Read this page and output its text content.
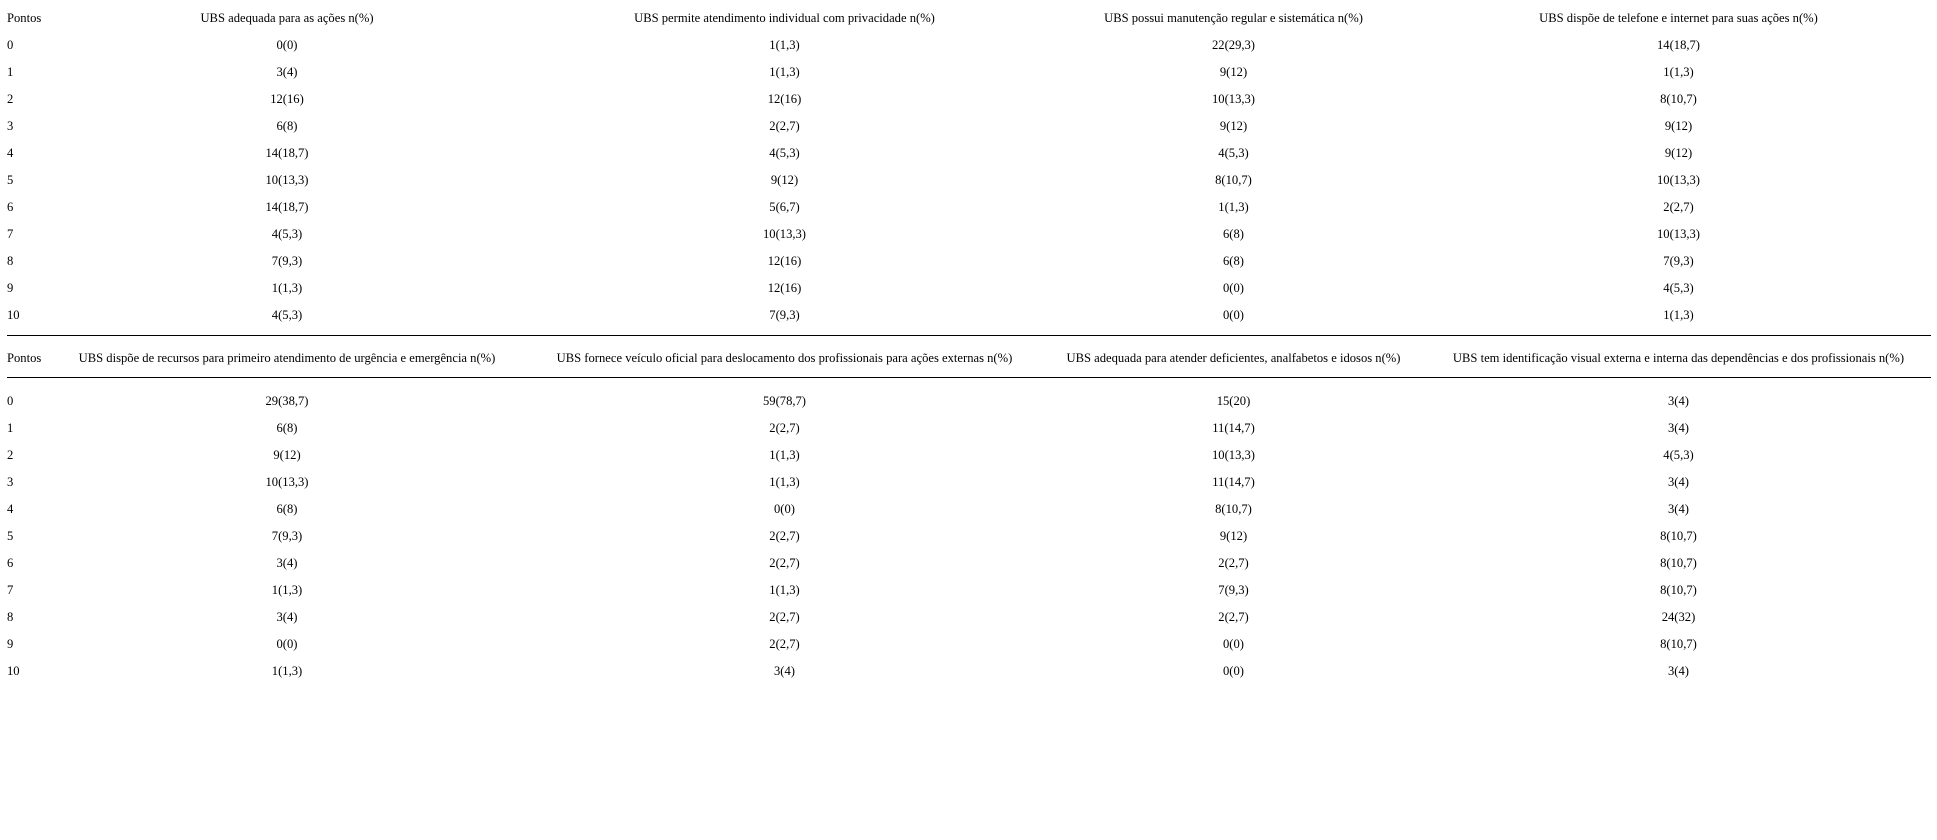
Pontos	UBS adequada para as ações n(%)	UBS permite atendimento individual com privacidade n(%)	UBS possui manutenção regular e sistemática n(%)	UBS dispõe de telefone e internet para suas ações n(%)
0	0(0)	1(1,3)	22(29,3)	14(18,7)
1	3(4)	1(1,3)	9(12)	1(1,3)
2	12(16)	12(16)	10(13,3)	8(10,7)
3	6(8)	2(2,7)	9(12)	9(12)
4	14(18,7)	4(5,3)	4(5,3)	9(12)
5	10(13,3)	9(12)	8(10,7)	10(13,3)
6	14(18,7)	5(6,7)	1(1,3)	2(2,7)
7	4(5,3)	10(13,3)	6(8)	10(13,3)
8	7(9,3)	12(16)	6(8)	7(9,3)
9	1(1,3)	12(16)	0(0)	4(5,3)
10	4(5,3)	7(9,3)	0(0)	1(1,3)
Pontos	UBS dispõe de recursos para primeiro atendimento de urgência e emergência n(%)	UBS fornece veículo oficial para deslocamento dos profissionais para ações externas n(%)	UBS adequada para atender deficientes, analfabetos e idosos n(%)	UBS tem identificação visual externa e interna das dependências e dos profissionais n(%)
0	29(38,7)	59(78,7)	15(20)	3(4)
1	6(8)	2(2,7)	11(14,7)	3(4)
2	9(12)	1(1,3)	10(13,3)	4(5,3)
3	10(13,3)	1(1,3)	11(14,7)	3(4)
4	6(8)	0(0)	8(10,7)	3(4)
5	7(9,3)	2(2,7)	9(12)	8(10,7)
6	3(4)	2(2,7)	2(2,7)	8(10,7)
7	1(1,3)	1(1,3)	7(9,3)	8(10,7)
8	3(4)	2(2,7)	2(2,7)	24(32)
9	0(0)	2(2,7)	0(0)	8(10,7)
10	1(1,3)	3(4)	0(0)	3(4)
